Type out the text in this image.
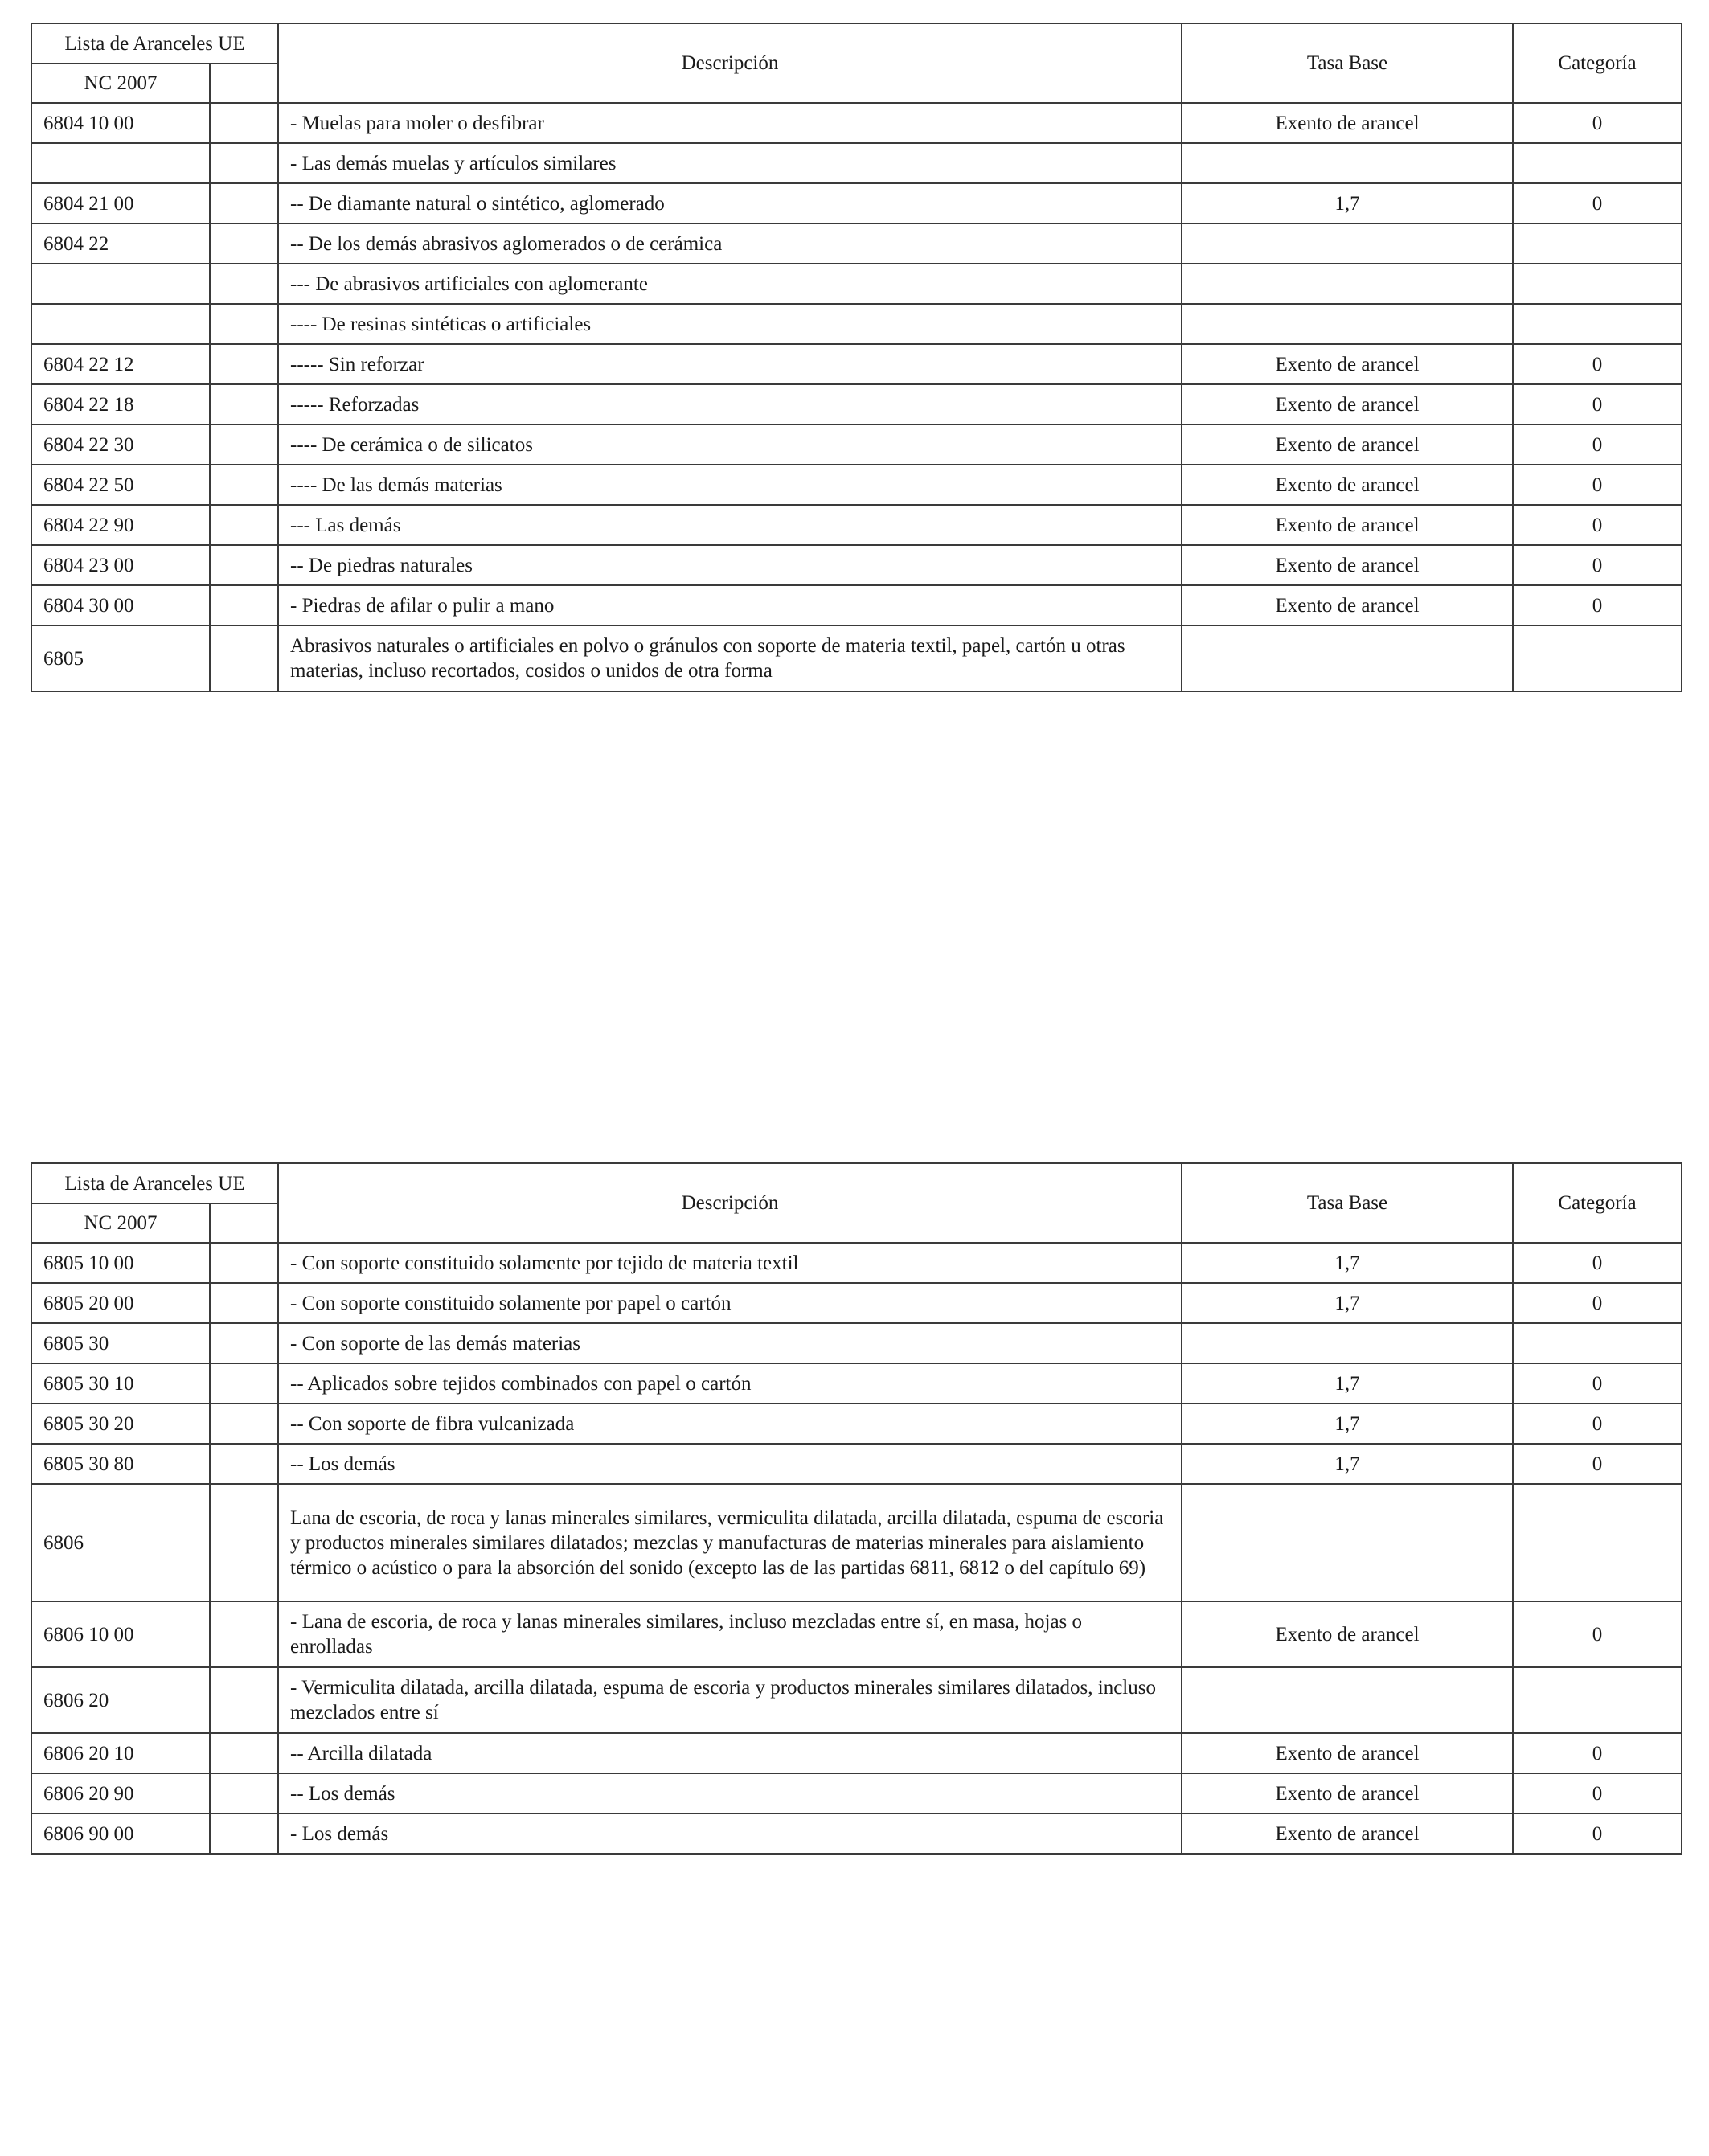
Lista de Aranceles UE		Descripción	Tasa Base	Categoría
NC 2007				
6804 10 00		- Muelas para moler o desfibrar	Exento de arancel	0
		- Las demás muelas y artículos similares		
6804 21 00		-- De diamante natural o sintético, aglomerado	1,7	0
6804 22		-- De los demás abrasivos aglomerados o de cerámica		
		--- De abrasivos artificiales con aglomerante		
		---- De resinas sintéticas o artificiales		
6804 22 12		----- Sin reforzar	Exento de arancel	0
6804 22 18		----- Reforzadas	Exento de arancel	0
6804 22 30		---- De cerámica o de silicatos	Exento de arancel	0
6804 22 50		---- De las demás materias	Exento de arancel	0
6804 22 90		--- Las demás	Exento de arancel	0
6804 23 00		-- De piedras naturales	Exento de arancel	0
6804 30 00		- Piedras de afilar o pulir a mano	Exento de arancel	0
6805		Abrasivos naturales o artificiales en polvo o gránulos con soporte de materia textil, papel, cartón u otras materias, incluso recortados, cosidos o unidos de otra forma		
Lista de Aranceles UE		Descripción	Tasa Base	Categoría
NC 2007				
6805 10 00		- Con soporte constituido solamente por tejido de materia textil	1,7	0
6805 20 00		- Con soporte constituido solamente por papel o cartón	1,7	0
6805 30		- Con soporte de las demás materias		
6805 30 10		-- Aplicados sobre tejidos combinados con papel o cartón	1,7	0
6805 30 20		-- Con soporte de fibra vulcanizada	1,7	0
6805 30 80		-- Los demás	1,7	0
6806		Lana de escoria, de roca y lanas minerales similares, vermiculita dilatada, arcilla dilatada, espuma de escoria y productos minerales similares dilatados; mezclas y manufacturas de materias minerales para aislamiento térmico o acústico o para la absorción del sonido (excepto las de las partidas 6811, 6812 o del capítulo 69)		
6806 10 00		- Lana de escoria, de roca y lanas minerales similares, incluso mezcladas entre sí, en masa, hojas o enrolladas	Exento de arancel	0
6806 20		- Vermiculita dilatada, arcilla dilatada, espuma de escoria y productos minerales similares dilatados, incluso mezclados entre sí		
6806 20 10		-- Arcilla dilatada	Exento de arancel	0
6806 20 90		-- Los demás	Exento de arancel	0
6806 90 00		- Los demás	Exento de arancel	0
